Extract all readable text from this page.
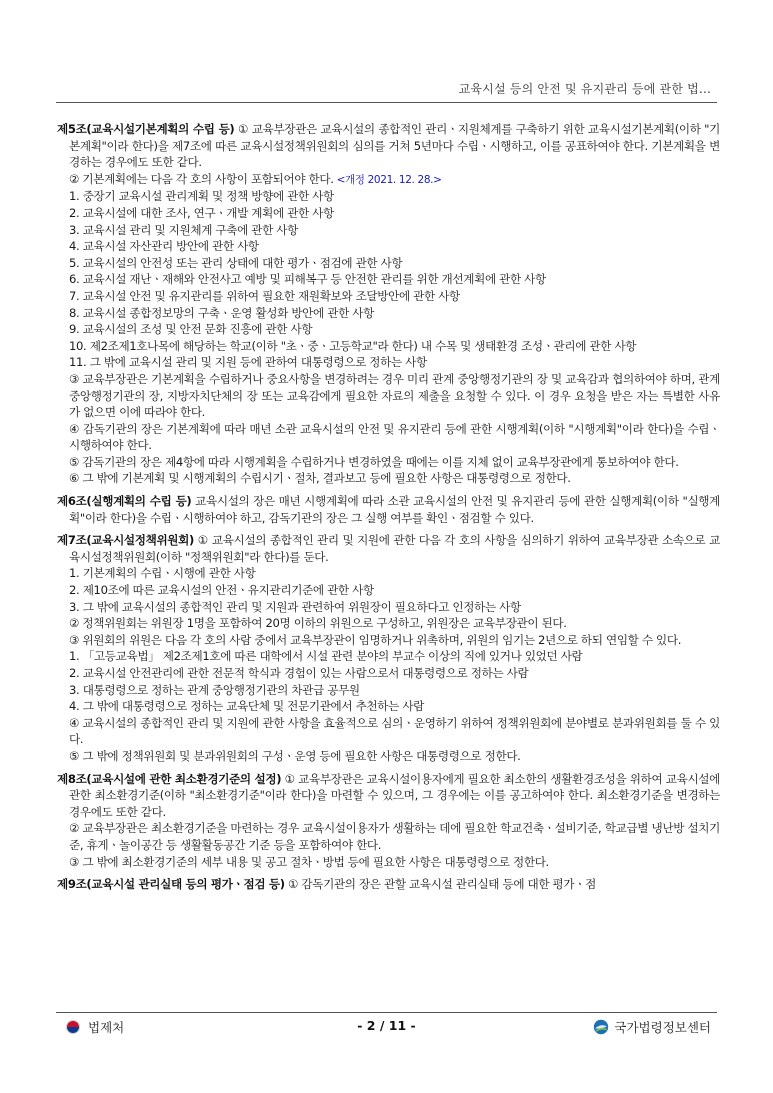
교육시설 등의 안전 및 유지관리 등에 관한 법...
제5조(교육시설기본계획의 수립 등) ① 교육부장관은 교육시설의 종합적인 관리ㆍ지원체계를 구축하기 위한 교육시설기본계획(이하 "기본계획"이라 한다)을 제7조에 따른 교육시설정책위원회의 심의를 거쳐 5년마다 수립ㆍ시행하고, 이를 공표하여야 한다. 기본계획을 변경하는 경우에도 또한 같다.
② 기본계획에는 다음 각 호의 사항이 포함되어야 한다. <개정 2021. 12. 28.>
1. 중장기 교육시설 관리계획 및 정책 방향에 관한 사항
2. 교육시설에 대한 조사, 연구ㆍ개발 계획에 관한 사항
3. 교육시설 관리 및 지원체계 구축에 관한 사항
4. 교육시설 자산관리 방안에 관한 사항
5. 교육시설의 안전성 또는 관리 상태에 대한 평가ㆍ점검에 관한 사항
6. 교육시설 재난ㆍ재해와 안전사고 예방 및 피해복구 등 안전한 관리를 위한 개선계획에 관한 사항
7. 교육시설 안전 및 유지관리를 위하여 필요한 재원확보와 조달방안에 관한 사항
8. 교육시설 종합정보망의 구축ㆍ운영 활성화 방안에 관한 사항
9. 교육시설의 조성 및 안전 문화 진흥에 관한 사항
10. 제2조제1호나목에 해당하는 학교(이하 "초ㆍ중ㆍ고등학교"라 한다) 내 수목 및 생태환경 조성ㆍ관리에 관한 사항
11. 그 밖에 교육시설 관리 및 지원 등에 관하여 대통령령으로 정하는 사항
③ 교육부장관은 기본계획을 수립하거나 중요사항을 변경하려는 경우 미리 관계 중앙행정기관의 장 및 교육감과 협의하여야 하며, 관계 중앙행정기관의 장, 지방자치단체의 장 또는 교육감에게 필요한 자료의 제출을 요청할 수 있다. 이 경우 요청을 받은 자는 특별한 사유가 없으면 이에 따라야 한다.
④ 감독기관의 장은 기본계획에 따라 매년 소관 교육시설의 안전 및 유지관리 등에 관한 시행계획(이하 "시행계획"이라 한다)을 수립ㆍ시행하여야 한다.
⑤ 감독기관의 장은 제4항에 따라 시행계획을 수립하거나 변경하였을 때에는 이를 지체 없이 교육부장관에게 통보하여야 한다.
⑥ 그 밖에 기본계획 및 시행계획의 수립시기ㆍ절차, 결과보고 등에 필요한 사항은 대통령령으로 정한다.
제6조(실행계획의 수립 등) 교육시설의 장은 매년 시행계획에 따라 소관 교육시설의 안전 및 유지관리 등에 관한 실행계획(이하 "실행계획"이라 한다)을 수립ㆍ시행하여야 하고, 감독기관의 장은 그 실행 여부를 확인ㆍ점검할 수 있다.
제7조(교육시설정책위원회) ① 교육시설의 종합적인 관리 및 지원에 관한 다음 각 호의 사항을 심의하기 위하여 교육부장관 소속으로 교육시설정책위원회(이하 "정책위원회"라 한다)를 둔다.
1. 기본계획의 수립ㆍ시행에 관한 사항
2. 제10조에 따른 교육시설의 안전ㆍ유지관리기준에 관한 사항
3. 그 밖에 교육시설의 종합적인 관리 및 지원과 관련하여 위원장이 필요하다고 인정하는 사항
② 정책위원회는 위원장 1명을 포함하여 20명 이하의 위원으로 구성하고, 위원장은 교육부장관이 된다.
③ 위원회의 위원은 다음 각 호의 사람 중에서 교육부장관이 임명하거나 위촉하며, 위원의 임기는 2년으로 하되 연임할 수 있다.
1. 「고등교육법」 제2조제1호에 따른 대학에서 시설 관련 분야의 부교수 이상의 직에 있거나 있었던 사람
2. 교육시설 안전관리에 관한 전문적 학식과 경험이 있는 사람으로서 대통령령으로 정하는 사람
3. 대통령령으로 정하는 관계 중앙행정기관의 차관급 공무원
4. 그 밖에 대통령령으로 정하는 교육단체 및 전문기관에서 추천하는 사람
④ 교육시설의 종합적인 관리 및 지원에 관한 사항을 효율적으로 심의ㆍ운영하기 위하여 정책위원회에 분야별로 분과위원회를 둘 수 있다.
⑤ 그 밖에 정책위원회 및 분과위원회의 구성ㆍ운영 등에 필요한 사항은 대통령령으로 정한다.
제8조(교육시설에 관한 최소환경기준의 설정) ① 교육부장관은 교육시설이용자에게 필요한 최소한의 생활환경조성을 위하여 교육시설에 관한 최소환경기준(이하 "최소환경기준"이라 한다)을 마련할 수 있으며, 그 경우에는 이를 공고하여야 한다. 최소환경기준을 변경하는 경우에도 또한 같다.
② 교육부장관은 최소환경기준을 마련하는 경우 교육시설이용자가 생활하는 데에 필요한 학교건축ㆍ설비기준, 학교급별 냉난방 설치기준, 휴게ㆍ놀이공간 등 생활활동공간 기준 등을 포함하여야 한다.
③ 그 밖에 최소환경기준의 세부 내용 및 공고 절차ㆍ방법 등에 필요한 사항은 대통령령으로 정한다.
제9조(교육시설 관리실태 등의 평가ㆍ점검 등) ① 감독기관의 장은 관할 교육시설 관리실태 등에 대한 평가ㆍ점
법제처	- 2 / 11 -	국가법령정보센터
